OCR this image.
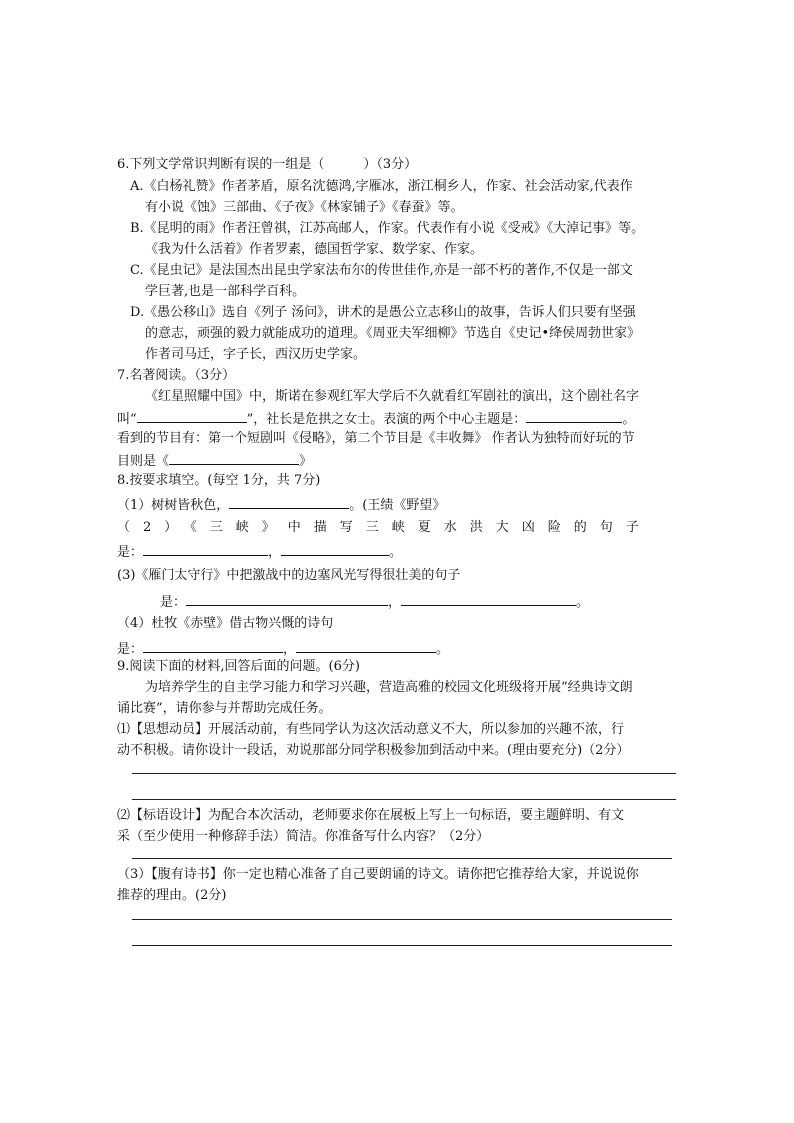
6.下列文学常识判断有误的一组是（　　　）（3分）
A.《白杨礼赞》作者茅盾，原名沈德鸿,字雁冰，浙江桐乡人，作家、社会活动家,代表作
有小说《蚀》三部曲、《子夜》《林家铺子》《春蚕》等。
B.《昆明的雨》作者汪曾祺，江苏高邮人，作家。代表作有小说《受戒》《大淖记事》等。
《我为什么活着》作者罗素，德国哲学家、数学家、作家。
C.《昆虫记》是法国杰出昆虫学家法布尔的传世佳作,亦是一部不朽的著作,不仅是一部文
学巨著,也是一部科学百科。
D.《愚公移山》选自《列子 汤问》，讲术的是愚公立志移山的故事，告诉人们只要有坚强
的意志，顽强的毅力就能成功的道理。《周亚夫军细柳》节选自《史记•绛侯周勃世家》
作者司马迁，字子长，西汉历史学家。
7.名著阅读。（3分）
《红星照耀中国》中，斯诺在参观红军大学后不久就看红军剧社的演出，这个剧社名字
叫“	”，社长是危拱之女士。表演的两个中心主题是：	。
看到的节目有：第一个短剧叫《侵略》，第二个节目是《丰收舞》 作者认为独特而好玩的节
目则是《	》
8.按要求填空。(每空 1分，共 7分)
（1）树树皆秋色，	。(王绩《野望》
（2）《三峡》中描写三峡夏水洪大凶险的句子
是：	，	。
(3)《雁门太守行》中把激战中的边塞风光写得很壮美的句子
是：	，	。
（4）杜牧《赤壁》借古物兴慨的诗句
是：	，	。
9.阅读下面的材料,回答后面的问题。(6分)
为培养学生的自主学习能力和学习兴趣，营造高雅的校园文化班级将开展“经典诗文朗
诵比赛”，请你参与并帮助完成任务。
⑴【思想动员】开展活动前，有些同学认为这次活动意义不大，所以参加的兴趣不浓，行
动不积极。请你设计一段话，劝说那部分同学积极参加到活动中来。(理由要充分)（2分）
⑵【标语设计】为配合本次活动，老师要求你在展板上写上一句标语，要主题鲜明、有文
采（至少使用一种修辞手法）简洁。你准备写什么内容？（2分）
（3）【腹有诗书】你一定也精心准备了自己要朗诵的诗文。请你把它推荐给大家，并说说你
推荐的理由。(2分)
